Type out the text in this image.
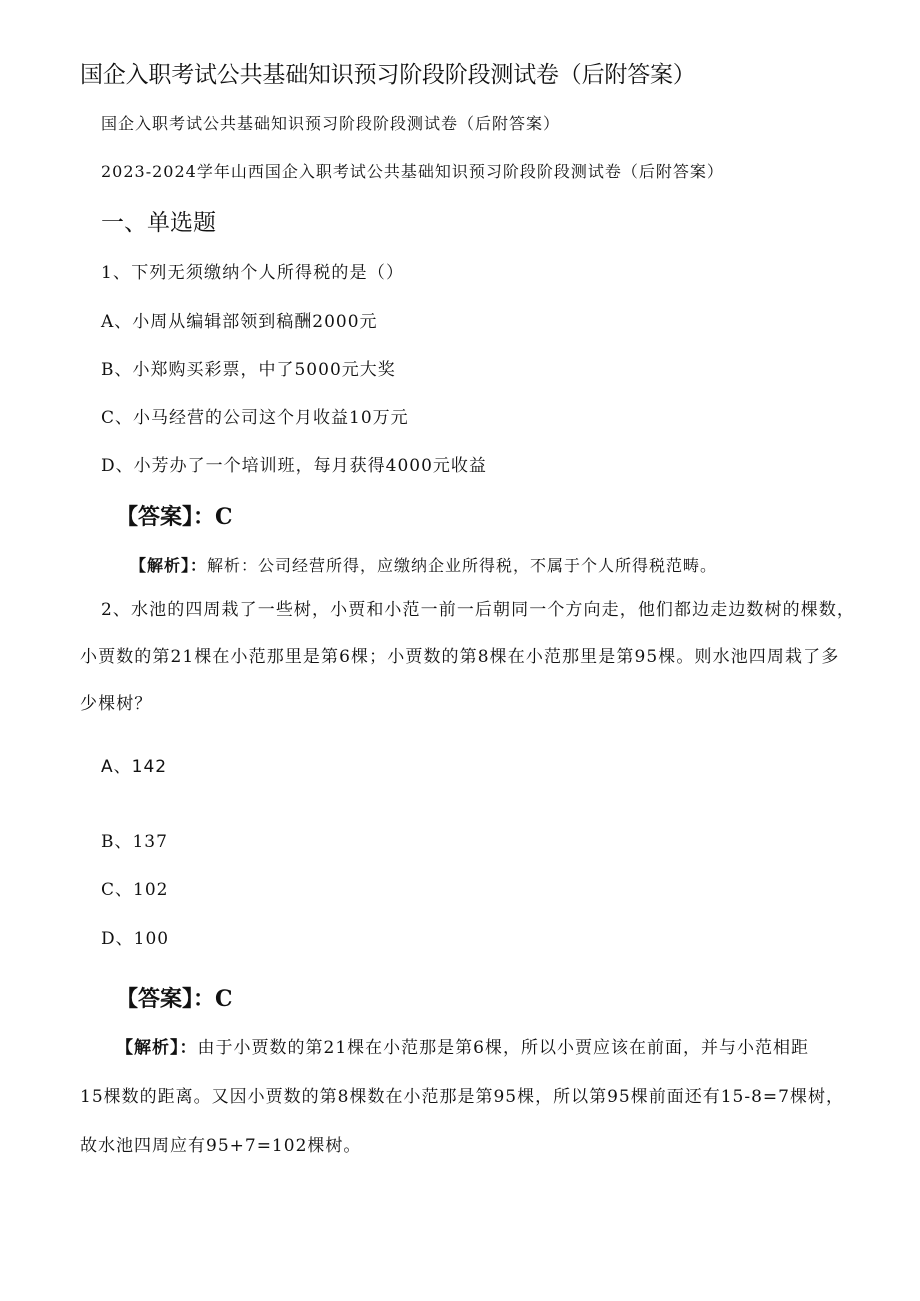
国企入职考试公共基础知识预习阶段阶段测试卷（后附答案）

国企入职考试公共基础知识预习阶段阶段测试卷（后附答案）

2023-2024学年山西国企入职考试公共基础知识预习阶段阶段测试卷（后附答案）

一、单选题

1、下列无须缴纳个人所得税的是（）

A、小周从编辑部领到稿酬2000元

B、小郑购买彩票，中了5000元大奖

C、小马经营的公司这个月收益10万元

D、小芳办了一个培训班，每月获得4000元收益

【答案】：C

【解析】：解析：公司经营所得，应缴纳企业所得税，不属于个人所得税范畴。

2、水池的四周栽了一些树，小贾和小范一前一后朝同一个方向走，他们都边走边数树的棵数，
小贾数的第21棵在小范那里是第6棵；小贾数的第8棵在小范那里是第95棵。则水池四周栽了多
少棵树？

A、142

B、137

C、102

D、100

【答案】：C

【解析】：由于小贾数的第21棵在小范那是第6棵，所以小贾应该在前面，并与小范相距
15棵数的距离。又因小贾数的第8棵数在小范那是第95棵，所以第95棵前面还有15-8=7棵树，
故水池四周应有95+7=102棵树。
